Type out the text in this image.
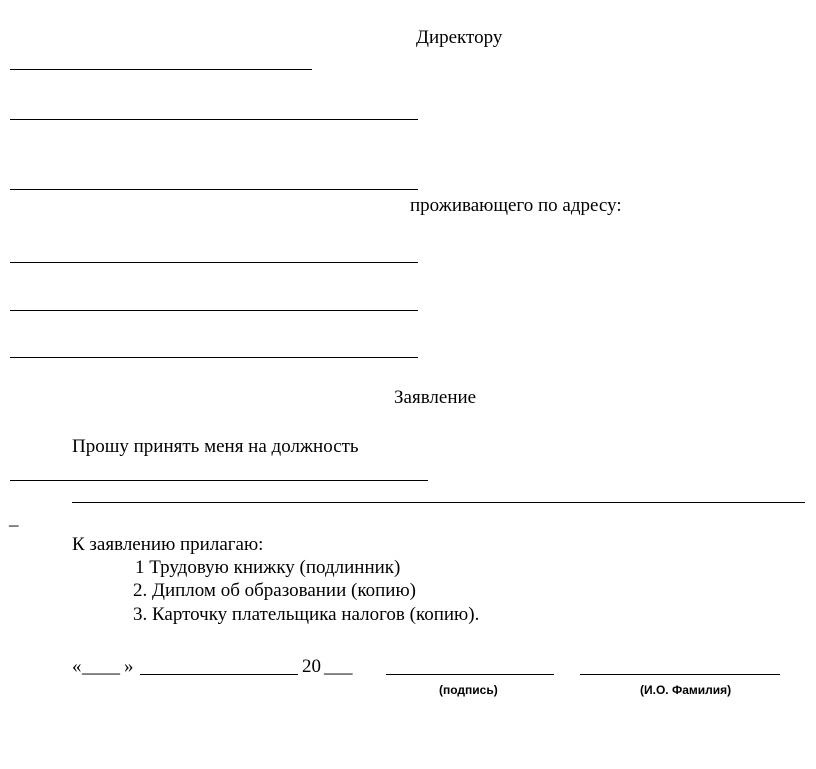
Директору
проживающего по адресу:
Заявление
Прошу принять меня на должность
_
К заявлению прилагаю:
1 Трудовую книжку (подлинник)
2. Диплом об образовании (копию)
3. Карточку плательщика налогов (копию).
« ____ »	20 ___
(подпись)	(И.О. Фамилия)
